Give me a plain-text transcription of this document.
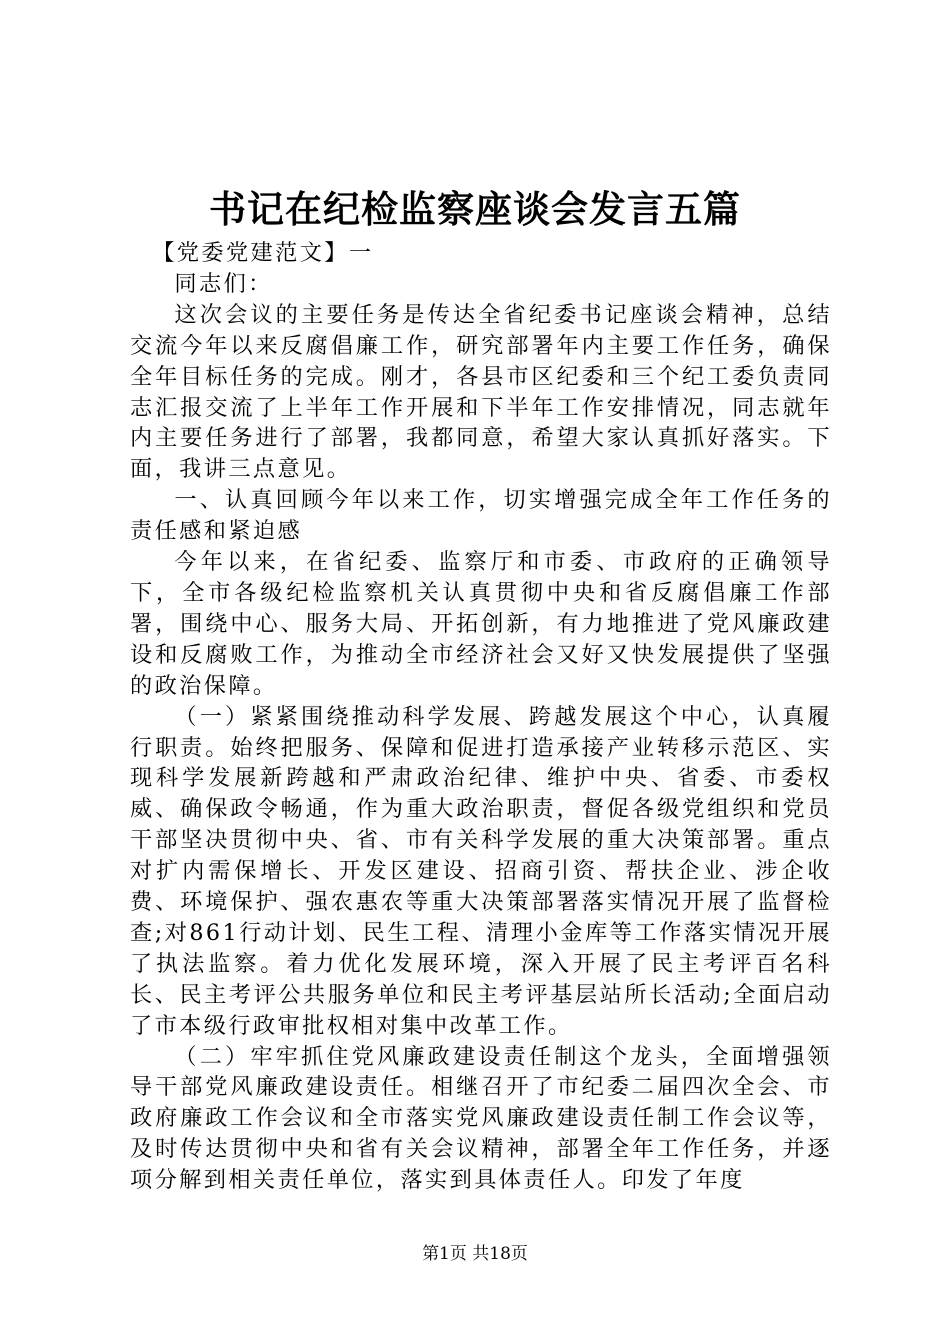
书记在纪检监察座谈会发言五篇

【党委党建范文】一

同志们：

这次会议的主要任务是传达全省纪委书记座谈会精神，总结交流今年以来反腐倡廉工作，研究部署年内主要工作任务，确保全年目标任务的完成。刚才，各县市区纪委和三个纪工委负责同志汇报交流了上半年工作开展和下半年工作安排情况，同志就年内主要任务进行了部署，我都同意，希望大家认真抓好落实。下面，我讲三点意见。

一、认真回顾今年以来工作，切实增强完成全年工作任务的责任感和紧迫感

今年以来，在省纪委、监察厅和市委、市政府的正确领导下，全市各级纪检监察机关认真贯彻中央和省反腐倡廉工作部署，围绕中心、服务大局、开拓创新，有力地推进了党风廉政建设和反腐败工作，为推动全市经济社会又好又快发展提供了坚强的政治保障。

（一）紧紧围绕推动科学发展、跨越发展这个中心，认真履行职责。始终把服务、保障和促进打造承接产业转移示范区、实现科学发展新跨越和严肃政治纪律、维护中央、省委、市委权威、确保政令畅通，作为重大政治职责，督促各级党组织和党员干部坚决贯彻中央、省、市有关科学发展的重大决策部署。重点对扩内需保增长、开发区建设、招商引资、帮扶企业、涉企收费、环境保护、强农惠农等重大决策部署落实情况开展了监督检查;对861行动计划、民生工程、清理小金库等工作落实情况开展了执法监察。着力优化发展环境，深入开展了民主考评百名科长、民主考评公共服务单位和民主考评基层站所长活动;全面启动了市本级行政审批权相对集中改革工作。

（二）牢牢抓住党风廉政建设责任制这个龙头，全面增强领导干部党风廉政建设责任。相继召开了市纪委二届四次全会、市政府廉政工作会议和全市落实党风廉政建设责任制工作会议等，及时传达贯彻中央和省有关会议精神，部署全年工作任务，并逐项分解到相关责任单位，落实到具体责任人。印发了年度

第1页 共18页
